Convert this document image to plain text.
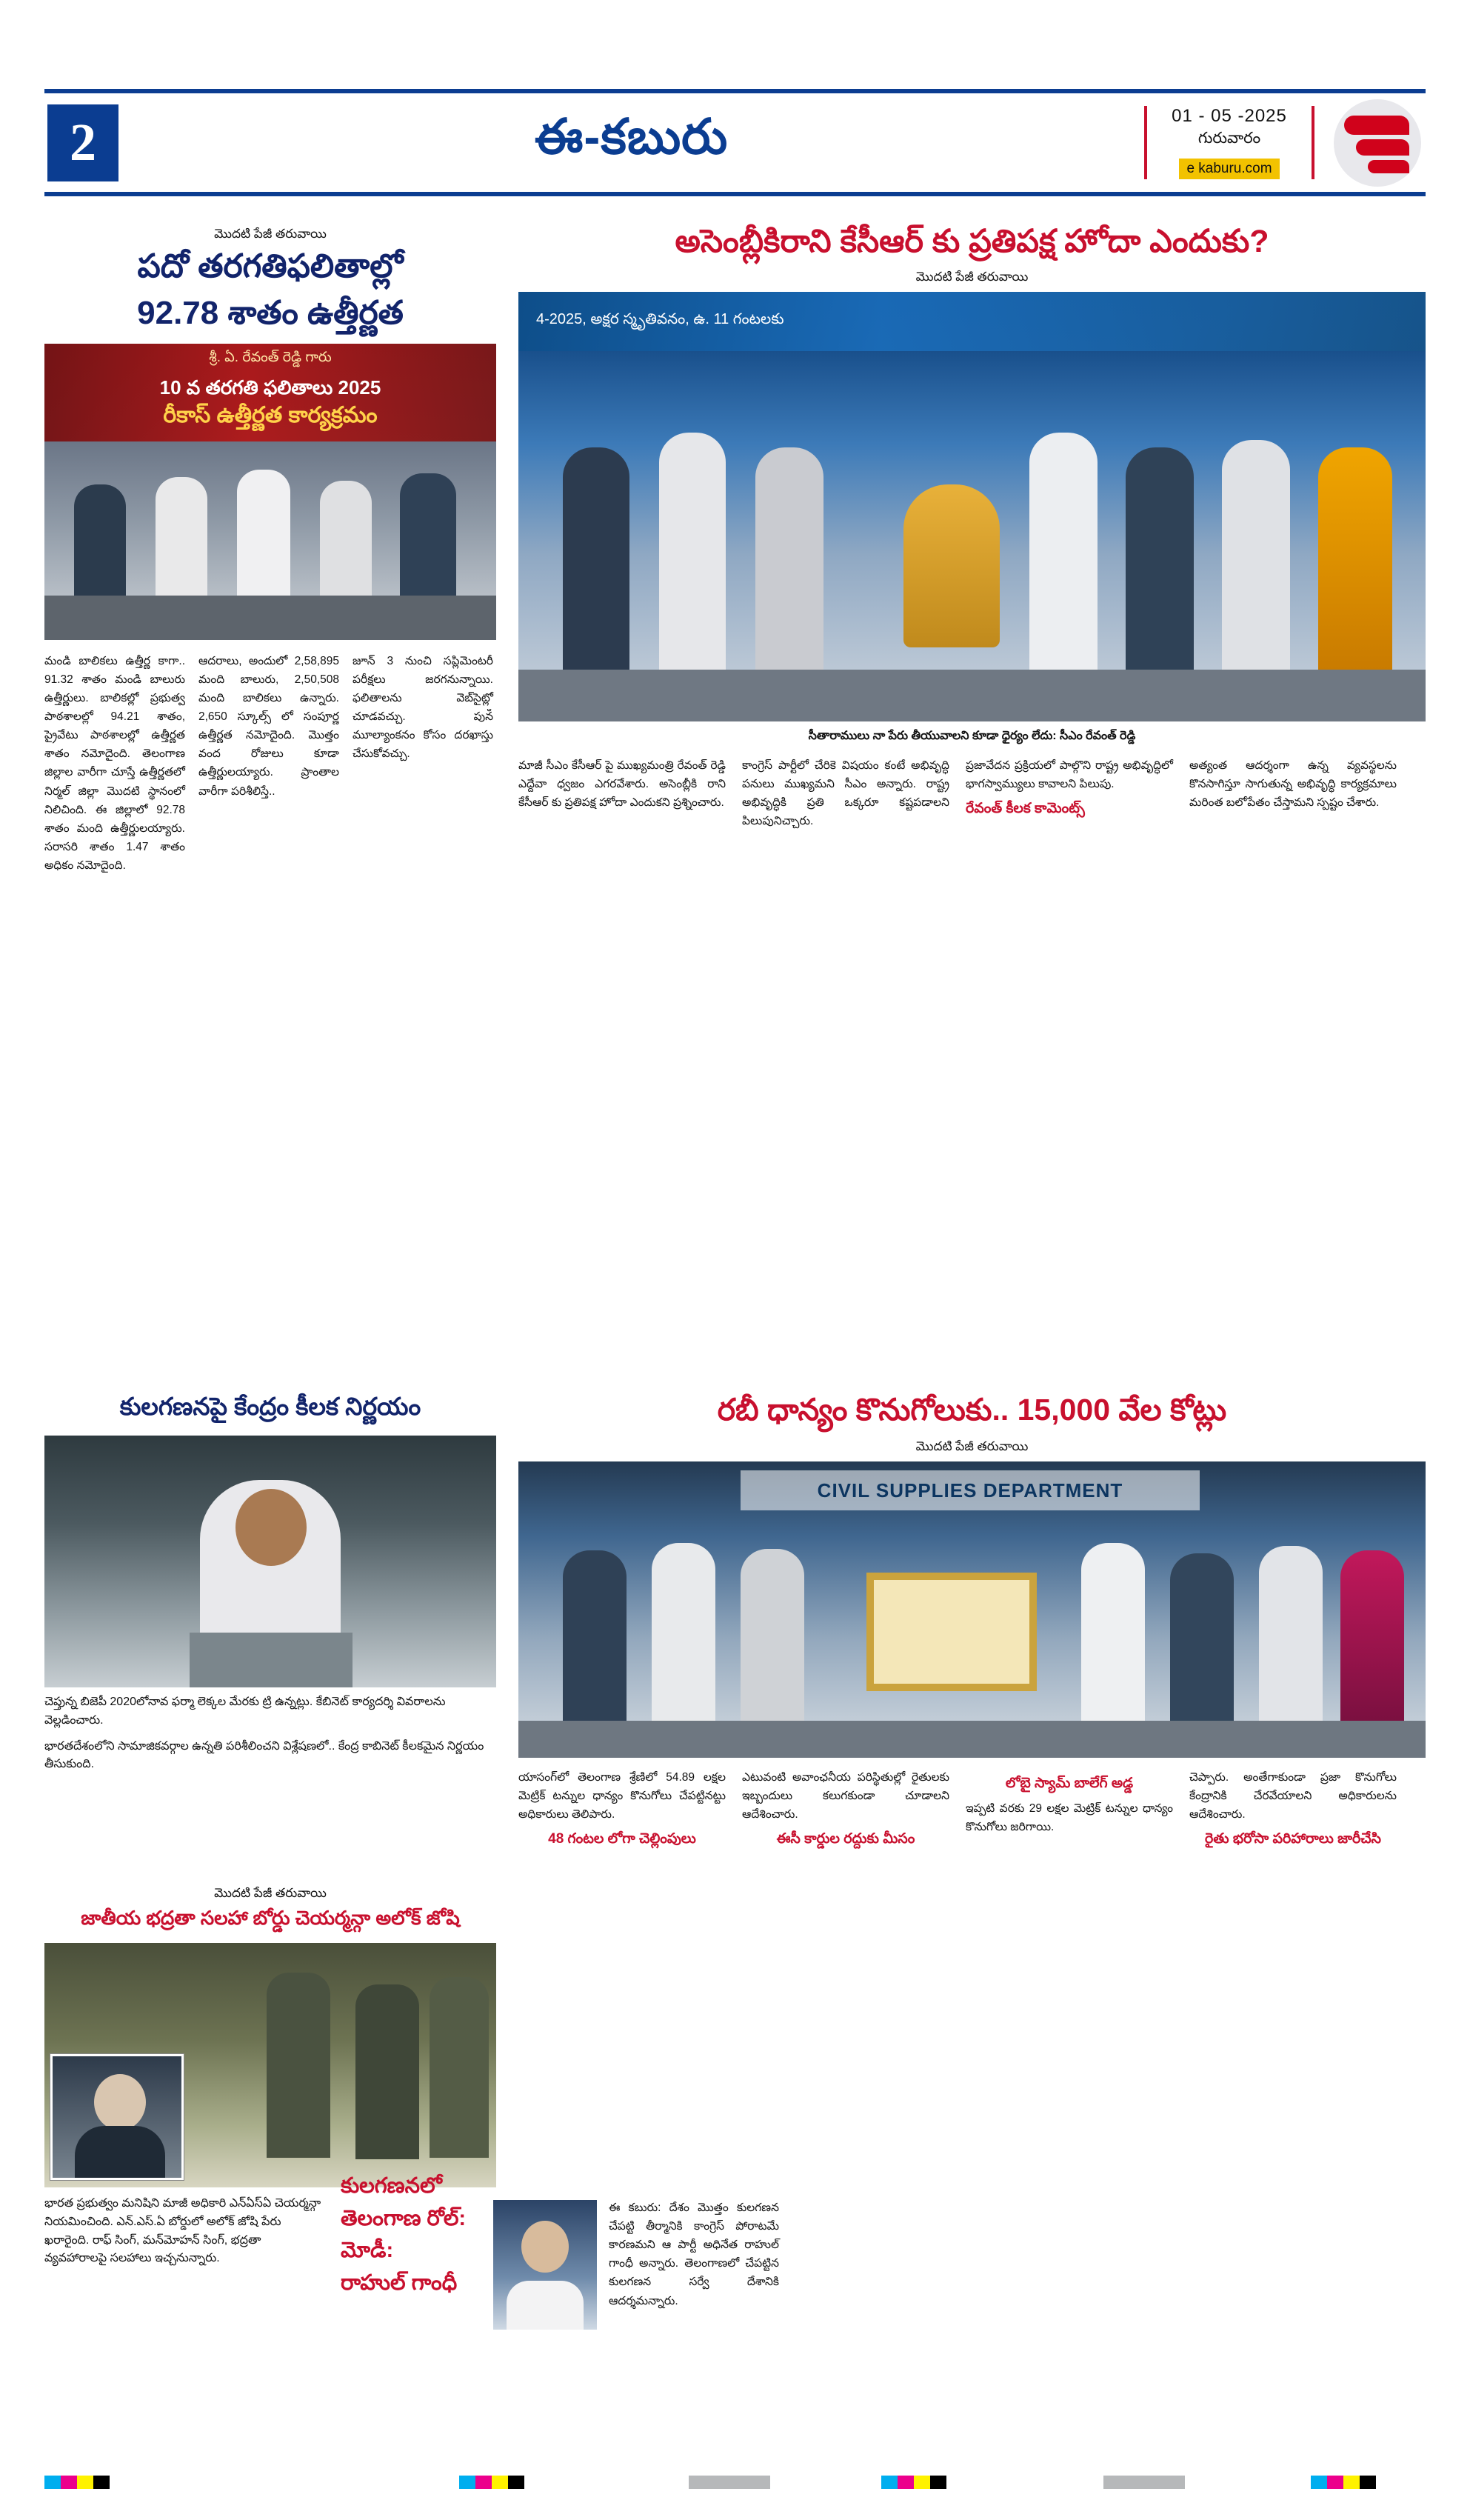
2	ఈ-కబురు	01 - 05 -2025
గురువారం
e kaburu.com
మొదటి పేజీ తరువాయి
పదో తరగతిఫలితాల్లో
92.78 శాతం ఉత్తీర్ణత
శ్రీ. ఏ. రేవంత్ రెడ్డి గారు
10 వ తరగతి ఫలితాలు 2025
రీకాస్ ఉత్తీర్ణత కార్యక్రమం
మండి బాలికలు ఉత్తీర్ణ కాగా.. 91.32 శాతం మండి బాలురు ఉత్తీర్ణులు. బాలికల్లో ప్రభుత్వ పాఠశాలల్లో 94.21 శాతం, ప్రైవేటు పాఠశాలల్లో ఉత్తీర్ణత శాతం నమోదైంది. తెలంగాణ జిల్లాల వారీగా చూస్తే ఉత్తీర్ణతలో నిర్మల్ జిల్లా మొదటి స్థానంలో నిలిచింది. ఈ జిల్లాలో 92.78 శాతం మంది ఉత్తీర్ణులయ్యారు. సరాసరి శాతం 1.47 శాతం అధికం నమోదైంది.
ఆదరాలు, అందులో 2,58,895 మంది బాలురు, 2,50,508 మంది బాలికలు ఉన్నారు. 2,650 స్కూల్స్ లో సంపూర్ణ ఉత్తీర్ణత నమోదైంది. మొత్తం వంద రోజులు కూడా ఉత్తీర్ణులయ్యారు. ప్రాంతాల వారీగా పరిశీలిస్తే..
జూన్ 3 నుంచి సప్లిమెంటరీ పరీక్షలు జరగనున్నాయి. ఫలితాలను వెబ్‌సైట్లో చూడవచ్చు. పునఀ మూల్యాంకనం కోసం దరఖాస్తు చేసుకోవచ్చు.
అసెంబ్లీకిరాని కేసీఆర్ కు ప్రతిపక్ష హోదా ఎందుకు?
మొదటి పేజీ తరువాయి
4-2025, అక్షర స్మృతివనం, ఉ. 11 గంటలకు
సీతారాములు నా పేరు తీయువాలని కూడా ధైర్యం లేదు: సీఎం రేవంత్ రెడ్డి
మాజీ సీఎం కేసీఆర్ పై ముఖ్యమంత్రి రేవంత్ రెడ్డి ఎద్దేవా ధ్వజం ఎగరవేశారు. అసెంబ్లీకి రాని కేసీఆర్ కు ప్రతిపక్ష హోదా ఎందుకని ప్రశ్నించారు.
కాంగ్రెస్ పార్టీలో చేరికె విషయం కంటే అభివృద్ధి పనులు ముఖ్యమని సీఎం అన్నారు. రాష్ట్ర అభివృద్ధికి ప్రతి ఒక్కరూ కష్టపడాలని పిలుపునిచ్చారు.
ప్రజావేదన ప్రక్రియలో పాల్గొని రాష్ట్ర అభివృద్ధిలో భాగస్వామ్యులు కావాలని పిలుపు.
రేవంత్ కీలక కామెంట్స్
అత్యంత ఆదర్శంగా ఉన్న వ్యవస్థలను కొనసాగిస్తూ సాగుతున్న అభివృద్ధి కార్యక్రమాలు మరింత బలోపేతం చేస్తామని స్పష్టం చేశారు.
కులగణనపై కేంద్రం కీలక నిర్ణయం
చెప్తున్న బిజెపీ 2020లోనావ ఫర్మా లెక్కల మేరకు ట్రి ఉన్నట్లు. కేబినెట్ కార్యదర్శి వివరాలను వెల్లడించారు.
భారతదేశంలోని సామాజికవర్గాల ఉన్నతి పరిశీలించని విశ్లేషణలో.. కేంద్ర కాబినెట్ కీలకమైన నిర్ణయం తీసుకుంది.
మొదటి పేజీ తరువాయి
జాతీయ భద్రతా సలహా బోర్డు చెయర్మన్గా అలోక్ జోషి
భారత ప్రభుత్వం మనిషిని మాజీ అధికారి ఎన్‌ఏస్‌ఏ చెయర్మన్గా నియమించింది. ఎన్.ఎస్.ఏ బోర్డులో అలోక్ జోషి పేరు ఖరారైంది. రాఫ్ సింగ్, మన్‌మోహన్ సింగ్, భద్రతా వ్యవహారాలపై సలహాలు ఇచ్చనున్నారు.
కులగణనలో
తెలంగాణ రోల్:
మోడీ:
రాహుల్ గాంధీ
ఈ కబురు: దేశం మొత్తం కులగణన చేపట్టి తీర్మానికి కాంగ్రెస్ పోరాటమే కారణమని ఆ పార్టీ అధినేత రాహుల్ గాంధీ అన్నారు. తెలంగాణలో చేపట్టిన కులగణన సర్వే దేశానికి ఆదర్శమన్నారు.
రబీ ధాన్యం కొనుగోలుకు.. 15,000 వేల కోట్లు
మొదటి పేజీ తరువాయి
CIVIL SUPPLIES DEPARTMENT
యాసంగ్‌లో తెలంగాణ శ్రేణిలో 54.89 లక్షల మెట్రిక్ టన్నుల ధాన్యం కొనుగోలు చేపట్టినట్టు అధికారులు తెలిపారు.
48 గంటల లోగా చెల్లింపులు
ఎటువంటి అవాంఛనీయ పరిస్థితుల్లో రైతులకు ఇబ్బందులు కలుగకుండా చూడాలని ఆదేశించారు.
ఈసీ కార్డుల రద్దుకు మీసం
లోబై స్యామ్ బాలేగ్ అడ్డ
ఇప్పటి వరకు 29 లక్షల మెట్రిక్ టన్నుల ధాన్యం కొనుగోలు జరిగాయి.
చెప్పారు. అంతేగాకుండా ప్రజా కొనుగోలు కేంద్రానికి చేరవేయాలని అధికారులను ఆదేశించారు.
రైతు భరోసా పరిహారాలు జారీచేసి
